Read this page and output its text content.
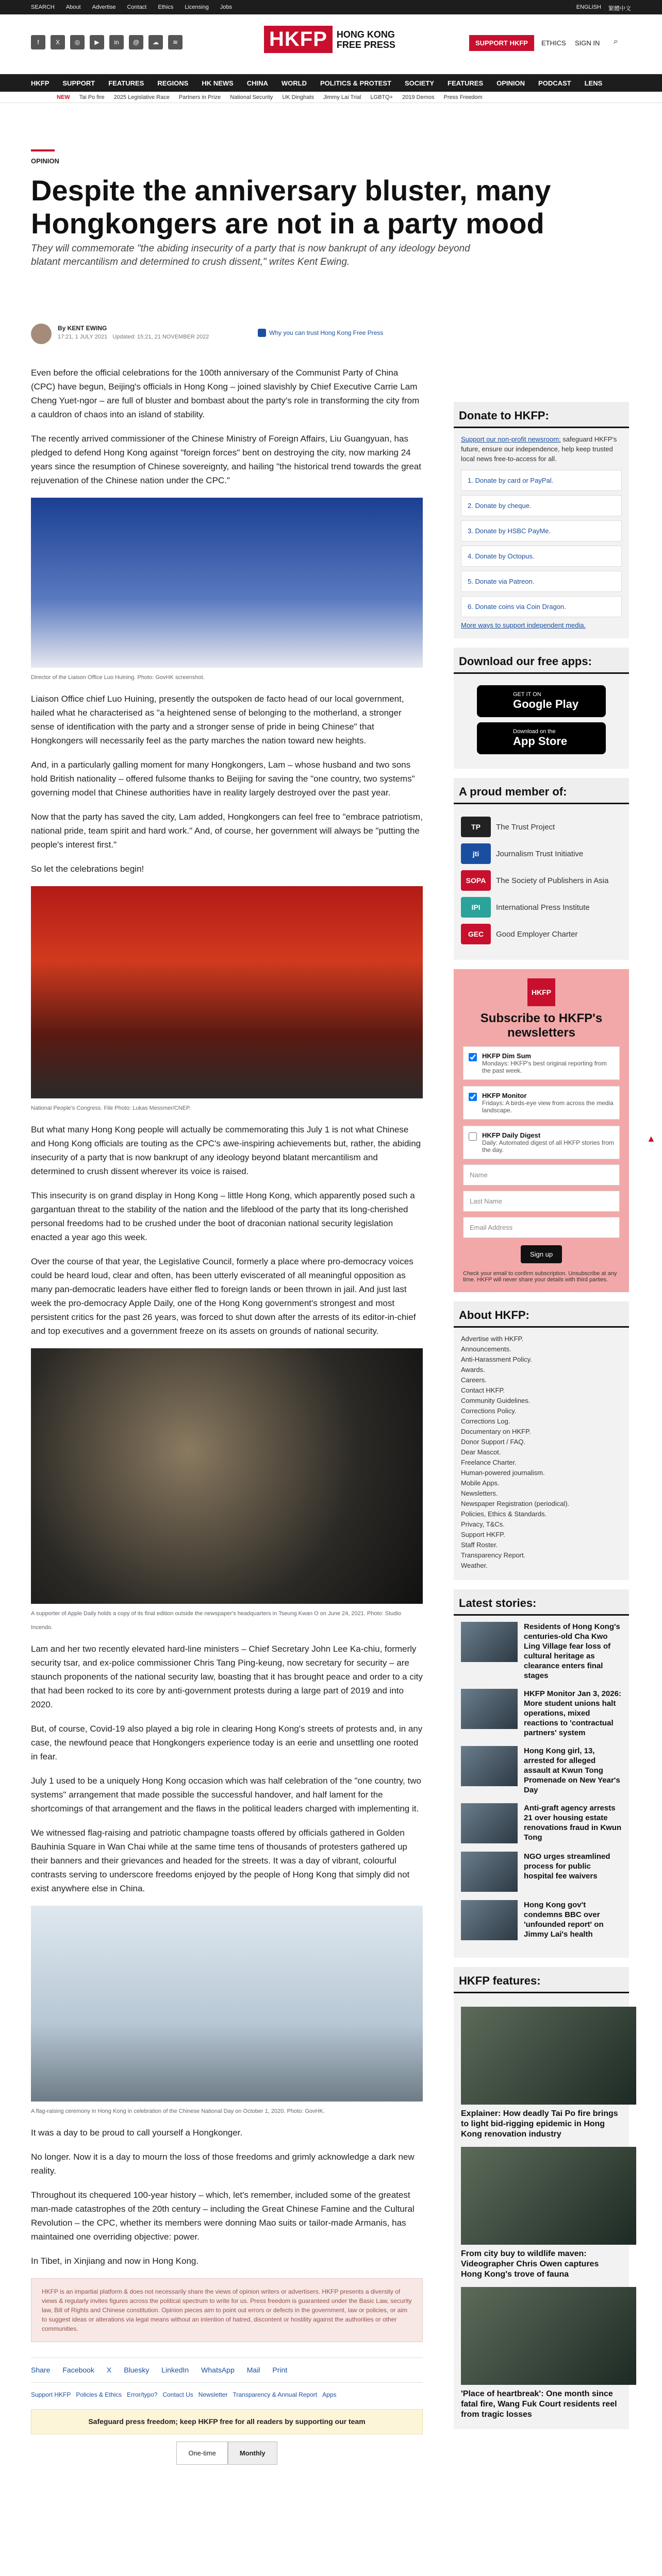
SEARCH About Advertise Contact Ethics Licensing Jobs	ENGLISH 繁體中文
f	X	◎	▶	in	@	☁	≋	HKFP	HONG KONG
FREE PRESS	SUPPORT HKFP	ETHICS SIGN IN ⌕
HKFP SUPPORT FEATURES REGIONS HK NEWS CHINA WORLD POLITICS & PROTEST SOCIETY FEATURES OPINION PODCAST LENS
NEW Tai Po fire 2025 Legislative Race Partners in Prize National Security UK Dinghats Jimmy Lai Trial LGBTQ+ 2019 Demos Press Freedom
OPINION
Despite the anniversary bluster, many Hongkongers are not in a party mood
They will commemorate "the abiding insecurity of a party that is now bankrupt of any ideology beyond blatant mercantilism and determined to crush dissent," writes Kent Ewing.
By KENT EWING
17:21, 1 JULY 2021 Updated: 15:21, 21 NOVEMBER 2022
Why you can trust Hong Kong Free Press

Even before the official celebrations for the 100th anniversary of the Communist Party of China (CPC) have begun, Beijing's officials in Hong Kong – joined slavishly by Chief Executive Carrie Lam Cheng Yuet-ngor – are full of bluster and bombast about the party's role in transforming the city from a cauldron of chaos into an island of stability.

The recently arrived commissioner of the Chinese Ministry of Foreign Affairs, Liu Guangyuan, has pledged to defend Hong Kong against "foreign forces" bent on destroying the city, now marking 24 years since the resumption of Chinese sovereignty, and hailing "the historical trend towards the great rejuvenation of the Chinese nation under the CPC."

Director of the Liaison Office Luo Huining. Photo: GovHK screenshot.

Liaison Office chief Luo Huining, presently the outspoken de facto head of our local government, hailed what he characterised as "a heightened sense of belonging to the motherland, a stronger sense of identification with the party and a stronger sense of pride in being Chinese" that Hongkongers will necessarily feel as the party marches the nation toward new heights.

And, in a particularly galling moment for many Hongkongers, Lam – whose husband and two sons hold British nationality – offered fulsome thanks to Beijing for saving the "one country, two systems" governing model that Chinese authorities have in reality largely destroyed over the past year.

Now that the party has saved the city, Lam added, Hongkongers can feel free to "embrace patriotism, national pride, team spirit and hard work." And, of course, her government will always be "putting the people's interest first."

So let the celebrations begin!

National People's Congress. File Photo: Lukas Messmer/CNEP.

But what many Hong Kong people will actually be commemorating this July 1 is not what Chinese and Hong Kong officials are touting as the CPC's awe-inspiring achievements but, rather, the abiding insecurity of a party that is now bankrupt of any ideology beyond blatant mercantilism and determined to crush dissent wherever its voice is raised.

This insecurity is on grand display in Hong Kong – little Hong Kong, which apparently posed such a gargantuan threat to the stability of the nation and the lifeblood of the party that its long-cherished personal freedoms had to be crushed under the boot of draconian national security legislation enacted a year ago this week.

Over the course of that year, the Legislative Council, formerly a place where pro-democracy voices could be heard loud, clear and often, has been utterly eviscerated of all meaningful opposition as many pan-democratic leaders have either fled to foreign lands or been thrown in jail. And just last week the pro-democracy Apple Daily, one of the Hong Kong government's strongest and most persistent critics for the past 26 years, was forced to shut down after the arrests of its editor-in-chief and top executives and a government freeze on its assets on grounds of national security.

A supporter of Apple Daily holds a copy of its final edition outside the newspaper's headquarters in Tseung Kwan O on June 24, 2021. Photo: Studio Incendo.

Lam and her two recently elevated hard-line ministers – Chief Secretary John Lee Ka-chiu, formerly security tsar, and ex-police commissioner Chris Tang Ping-keung, now secretary for security – are staunch proponents of the national security law, boasting that it has brought peace and order to a city that had been rocked to its core by anti-government protests during a large part of 2019 and into 2020.

But, of course, Covid-19 also played a big role in clearing Hong Kong's streets of protests and, in any case, the newfound peace that Hongkongers experience today is an eerie and unsettling one rooted in fear.

July 1 used to be a uniquely Hong Kong occasion which was half celebration of the "one country, two systems" arrangement that made possible the successful handover, and half lament for the shortcomings of that arrangement and the flaws in the political leaders charged with implementing it.

We witnessed flag-raising and patriotic champagne toasts offered by officials gathered in Golden Bauhinia Square in Wan Chai while at the same time tens of thousands of protesters gathered up their banners and their grievances and headed for the streets. It was a day of vibrant, colourful contrasts serving to underscore freedoms enjoyed by the people of Hong Kong that simply did not exist anywhere else in China.

A flag-raising ceremony in Hong Kong in celebration of the Chinese National Day on October 1, 2020. Photo: GovHK.

It was a day to be proud to call yourself a Hongkonger.

No longer. Now it is a day to mourn the loss of those freedoms and grimly acknowledge a dark new reality.

Throughout its chequered 100-year history – which, let's remember, included some of the greatest man-made catastrophes of the 20th century – including the Great Chinese Famine and the Cultural Revolution – the CPC, whether its members were donning Mao suits or tailor-made Armanis, has maintained one overriding objective: power.

In Tibet, in Xinjiang and now in Hong Kong.

HKFP is an impartial platform & does not necessarily share the views of opinion writers or advertisers. HKFP presents a diversity of views & regularly invites figures across the political spectrum to write for us. Press freedom is guaranteed under the Basic Law, security law, Bill of Rights and Chinese constitution. Opinion pieces aim to point out errors or defects in the government, law or policies, or aim to suggest ideas or alterations via legal means without an intention of hatred, discontent or hostility against the authorities or other communities.
Share Facebook X Bluesky LinkedIn WhatsApp Mail Print
Support HKFP Policies & Ethics Error/typo? Contact Us Newsletter Transparency & Annual Report Apps
Safeguard press freedom; keep HKFP free for all readers by supporting our team
One-time	Monthly
Donate to HKFP:

Support our non-profit newsroom: safeguard HKFP's future, ensure our independence, help keep trusted local news free-to-access for all.

1. Donate by card or PayPal.
2. Donate by cheque.
3. Donate by HSBC PayMe.
4. Donate by Octopus.
5. Donate via Patreon.
6. Donate coins via Coin Dragon.
More ways to support independent media.
Download our free apps:
GET IT ON
Google Play
Download on the
App Store
A proud member of:
TP	The Trust Project
jti	Journalism Trust Initiative
SOPA	The Society of Publishers in Asia
IPI	International Press Institute
GEC	Good Employer Charter
HKFP
Subscribe to HKFP's newsletters
HKFP Dim Sum
Mondays: HKFP's best original reporting from the past week.
HKFP Monitor
Fridays: A birds-eye view from across the media landscape.
HKFP Daily Digest
Daily: Automated digest of all HKFP stories from the day.
Name
Last Name
Email Address
Sign up
Check your email to confirm subscription. Unsubscribe at any time. HKFP will never share your details with third parties.
About HKFP:
Advertise with HKFP.
Announcements.
Anti-Harassment Policy.
Awards.
Careers.
Contact HKFP.
Community Guidelines.
Corrections Policy.
Corrections Log.
Documentary on HKFP.
Donor Support / FAQ.
Dear Mascot.
Freelance Charter.
Human-powered journalism.
Mobile Apps.
Newsletters.
Newspaper Registration (periodical).
Policies, Ethics & Standards.
Privacy, T&Cs.
Support HKFP.
Staff Roster.
Transparency Report.
Weather.
Latest stories:
Residents of Hong Kong's centuries-old Cha Kwo Ling Village fear loss of cultural heritage as clearance enters final stages
HKFP Monitor Jan 3, 2026: More student unions halt operations, mixed reactions to 'contractual partners' system
Hong Kong girl, 13, arrested for alleged assault at Kwun Tong Promenade on New Year's Day
Anti-graft agency arrests 21 over housing estate renovations fraud in Kwun Tong
NGO urges streamlined process for public hospital fee waivers
Hong Kong gov't condemns BBC over 'unfounded report' on Jimmy Lai's health
HKFP features:
Explainer: How deadly Tai Po fire brings to light bid-rigging epidemic in Hong Kong renovation industry
From city buy to wildlife maven: Videographer Chris Owen captures Hong Kong's trove of fauna
'Place of heartbreak': One month since fatal fire, Wang Fuk Court residents reel from tragic losses
▲
